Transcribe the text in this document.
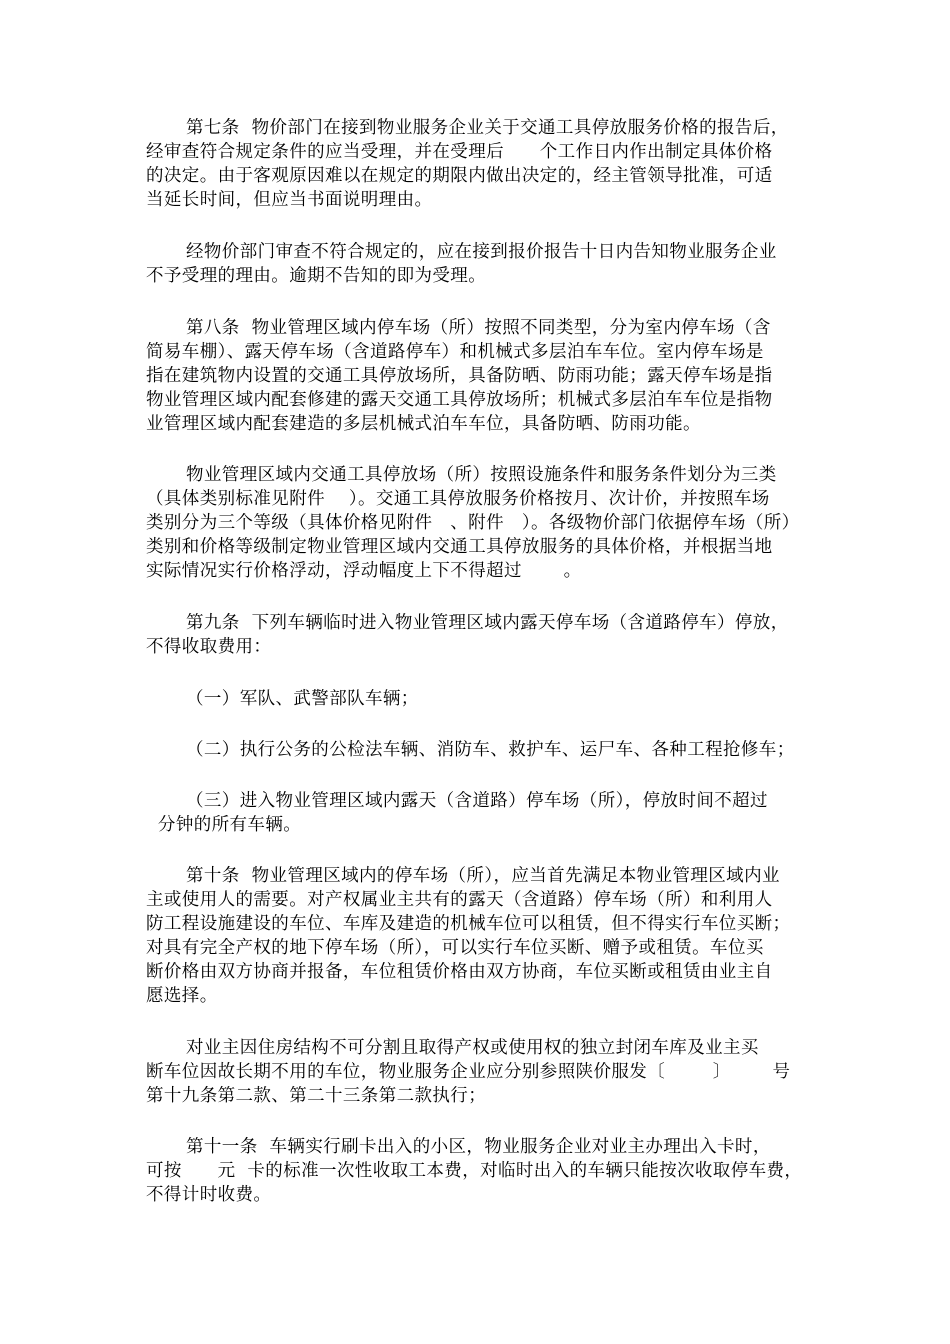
第七条  物价部门在接到物业服务企业关于交通工具停放服务价格的报告后，
经审查符合规定条件的应当受理，并在受理后      个工作日内作出制定具体价格
的决定。由于客观原因难以在规定的期限内做出决定的，经主管领导批准，可适
当延长时间，但应当书面说明理由。
经物价部门审查不符合规定的，应在接到报价报告十日内告知物业服务企业
不予受理的理由。逾期不告知的即为受理。
第八条  物业管理区域内停车场（所）按照不同类型，分为室内停车场（含
简易车棚）、露天停车场（含道路停车）和机械式多层泊车车位。室内停车场是
指在建筑物内设置的交通工具停放场所，具备防晒、防雨功能；露天停车场是指
物业管理区域内配套修建的露天交通工具停放场所；机械式多层泊车车位是指物
业管理区域内配套建造的多层机械式泊车车位，具备防晒、防雨功能。
物业管理区域内交通工具停放场（所）按照设施条件和服务条件划分为三类
（具体类别标准见附件    ）。交通工具停放服务价格按月、次计价，并按照车场
类别分为三个等级（具体价格见附件   、附件   ）。各级物价部门依据停车场（所）
类别和价格等级制定物业管理区域内交通工具停放服务的具体价格，并根据当地
实际情况实行价格浮动，浮动幅度上下不得超过       。
第九条  下列车辆临时进入物业管理区域内露天停车场（含道路停车）停放，
不得收取费用：
（一）军队、武警部队车辆；
（二）执行公务的公检法车辆、消防车、救护车、运尸车、各种工程抢修车；
（三）进入物业管理区域内露天（含道路）停车场（所），停放时间不超过
分钟的所有车辆。
第十条  物业管理区域内的停车场（所），应当首先满足本物业管理区域内业
主或使用人的需要。对产权属业主共有的露天（含道路）停车场（所）和利用人
防工程设施建设的车位、车库及建造的机械车位可以租赁，但不得实行车位买断；
对具有完全产权的地下停车场（所），可以实行车位买断、赠予或租赁。车位买
断价格由双方协商并报备，车位租赁价格由双方协商，车位买断或租赁由业主自
愿选择。
对业主因住房结构不可分割且取得产权或使用权的独立封闭车库及业主买
断车位因故长期不用的车位，物业服务企业应分别参照陕价服发〔        〕       号
第十九条第二款、第二十三条第二款执行；
第十一条  车辆实行刷卡出入的小区，物业服务企业对业主办理出入卡时，
可按      元  卡的标准一次性收取工本费，对临时出入的车辆只能按次收取停车费，
不得计时收费。
